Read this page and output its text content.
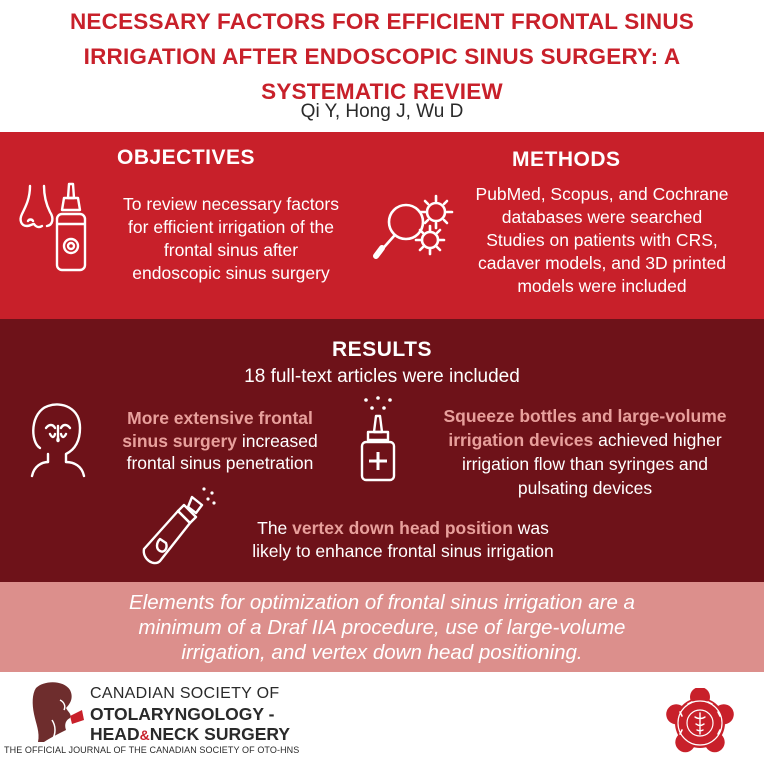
NECESSARY FACTORS FOR EFFICIENT FRONTAL SINUS
IRRIGATION AFTER ENDOSCOPIC SINUS SURGERY: A
SYSTEMATIC REVIEW
Qi Y, Hong J, Wu D
OBJECTIVES
To review necessary factors
for efficient irrigation of the
frontal sinus after
endoscopic sinus surgery
METHODS
PubMed, Scopus, and Cochrane
databases were searched
Studies on patients with CRS,
cadaver models, and 3D printed
models were included
RESULTS
18 full-text articles were included
More extensive frontal
sinus surgery increased
frontal sinus penetration
Squeeze bottles and large-volume
irrigation devices achieved higher
irrigation flow than syringes and
pulsating devices
The vertex down head position was
likely to enhance frontal sinus irrigation
Elements for optimization of frontal sinus irrigation are a
minimum of a Draf IIA procedure, use of large-volume
irrigation, and vertex down head positioning.
CANADIAN SOCIETY OF
OTOLARYNGOLOGY -
HEAD&NECK SURGERY
THE OFFICIAL JOURNAL OF THE CANADIAN SOCIETY OF OTO-HNS
